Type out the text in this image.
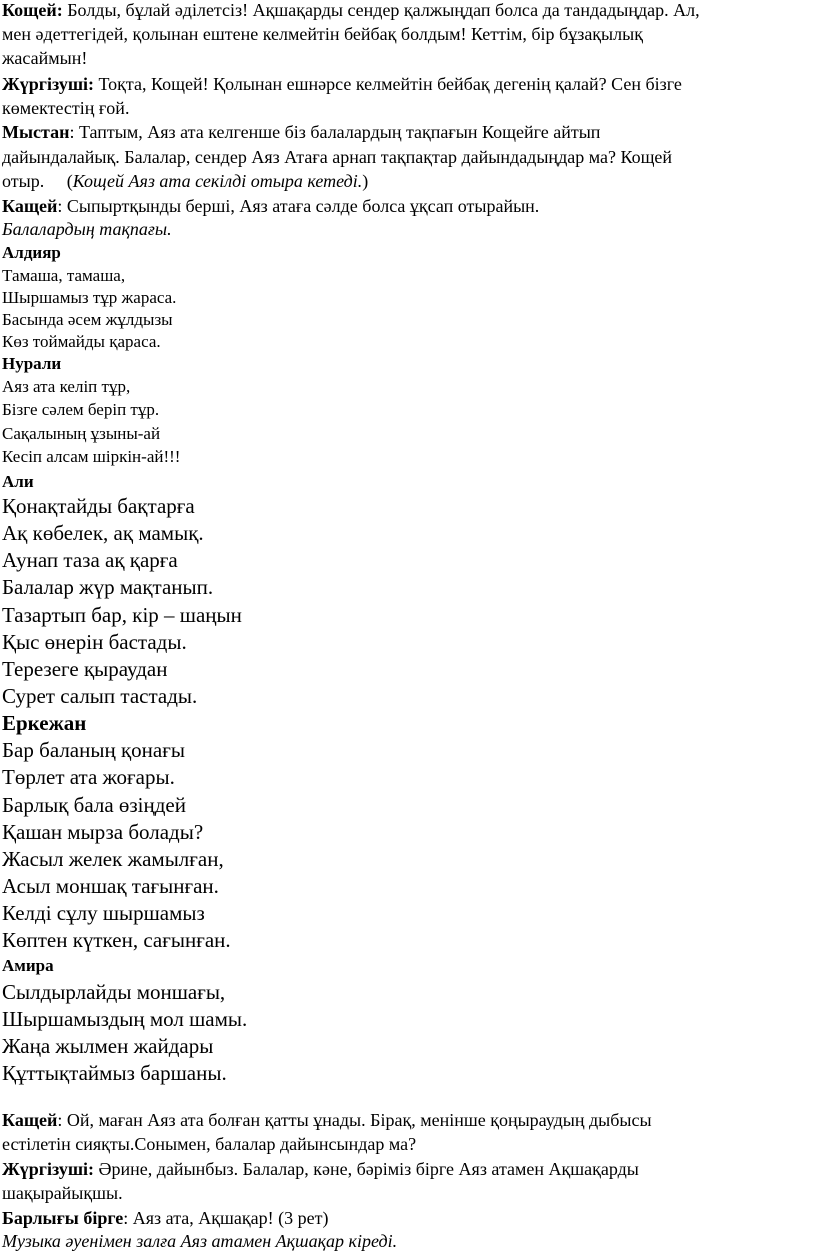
Кощей: Болды, бұлай әділетсіз! Ақшақарды сендер қалжыңдап болса да тандадыңдар. Ал,
мен әдеттегідей, қолынан ештене келмейтін бейбақ болдым! Кеттім, бір бұзақылық
жасаймын!
Жүргізуші: Тоқта, Кощей! Қолынан ешнәрсе келмейтін бейбақ дегенің қалай? Сен бізге
көмектестің ғой.
Мыстан: Таптым, Аяз ата келгенше біз балалардың тақпағын Кощейге айтып
дайындалайық. Балалар, сендер Аяз Атаға арнап тақпақтар дайындадыңдар ма? Кощей
отыр.     (Кощей Аяз ата секілді отыра кетеді.)
Кащей: Сыпыртқынды берші, Аяз атаға сәлде болса ұқсап отырайын.
Балалардың тақпағы.
Алдияр
Тамаша, тамаша,
Шыршамыз тұр жараса.
Басында әсем жұлдызы
Көз тоймайды қараса.
Нурали
Аяз ата келіп тұр,
Бізге сәлем беріп тұр.
Сақалының ұзыны-ай
Кесіп алсам шіркін-ай!!!
Али
Қонақтайды бақтарға
Ақ көбелек, ақ мамық.
Аунап таза ақ қарға
Балалар жүр мақтанып.
Тазартып бар, кір – шаңын
Қыс өнерін бастады.
Терезеге қыраудан
Сурет салып тастады.
Еркежан
Бар баланың қонағы
Төрлет ата жоғары.
Барлық бала өзіңдей
Қашан мырза болады?
Жасыл желек жамылған,
Асыл моншақ тағынған.
Келді сұлу шыршамыз
Көптен күткен, сағынған.
Амира
Сылдырлайды моншағы,
Шыршамыздың мол шамы.
Жаңа жылмен жайдары
Құттықтаймыз баршаны.
Кащей: Ой, маған Аяз ата болған қатты ұнады. Бірақ, менінше қоңыраудың дыбысы
естілетін сияқты.Сонымен, балалар дайынсындар ма?
Жүргізуші: Әрине, дайынбыз. Балалар, кәне, бәріміз бірге Аяз атамен Ақшақарды
шақырайықшы.
Барлығы бірге: Аяз ата, Ақшақар! (3 рет)
Музыка әуенімен залға Аяз атамен Ақшақар кіреді.
